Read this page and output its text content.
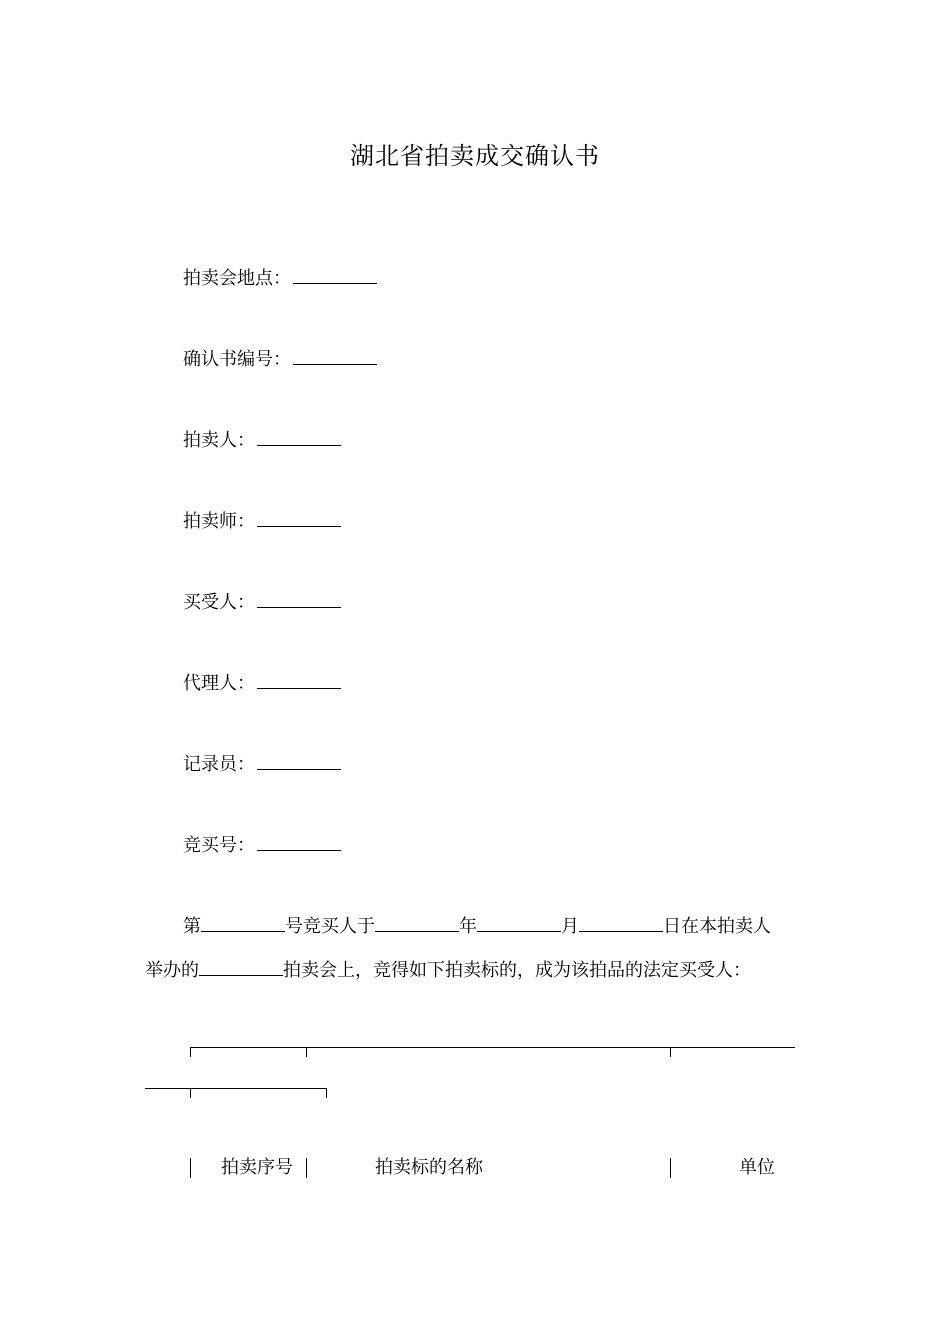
湖北省拍卖成交确认书
拍卖会地点：
确认书编号：
拍卖人：
拍卖师：
买受人：
代理人：
记录员：
竞买号：
第	号竞买人于	年	月	日在本拍卖人
举办的	拍卖会上，竞得如下拍卖标的，成为该拍品的法定买受人：
拍卖序号	拍卖标的名称	单位
